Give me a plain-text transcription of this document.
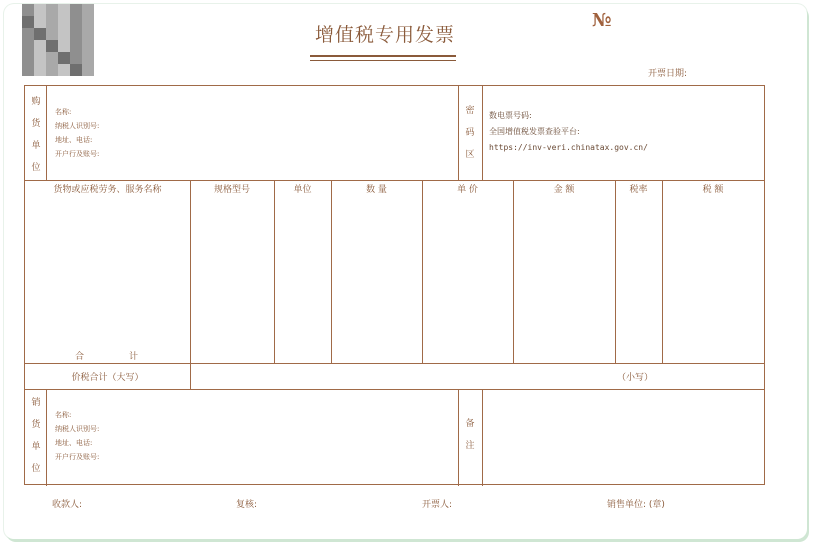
增值税专用发票
№
开票日期:
购
货
单
位
名称:
纳税人识别号:
地址、电话:
开户行及账号:
密
码
区
数电票号码:
全国增值税发票查验平台:
https://inv-veri.chinatax.gov.cn/
货物或应税劳务、服务名称	规格型号	单位	数 量	单 价	金 额	税率	税 额
合	计
价税合计（大写）	（小写）
销
货
单
位
名称:
纳税人识别号:
地址、电话:
开户行及账号:
备
注
收款人:	复核:	开票人:	销售单位: (章)
